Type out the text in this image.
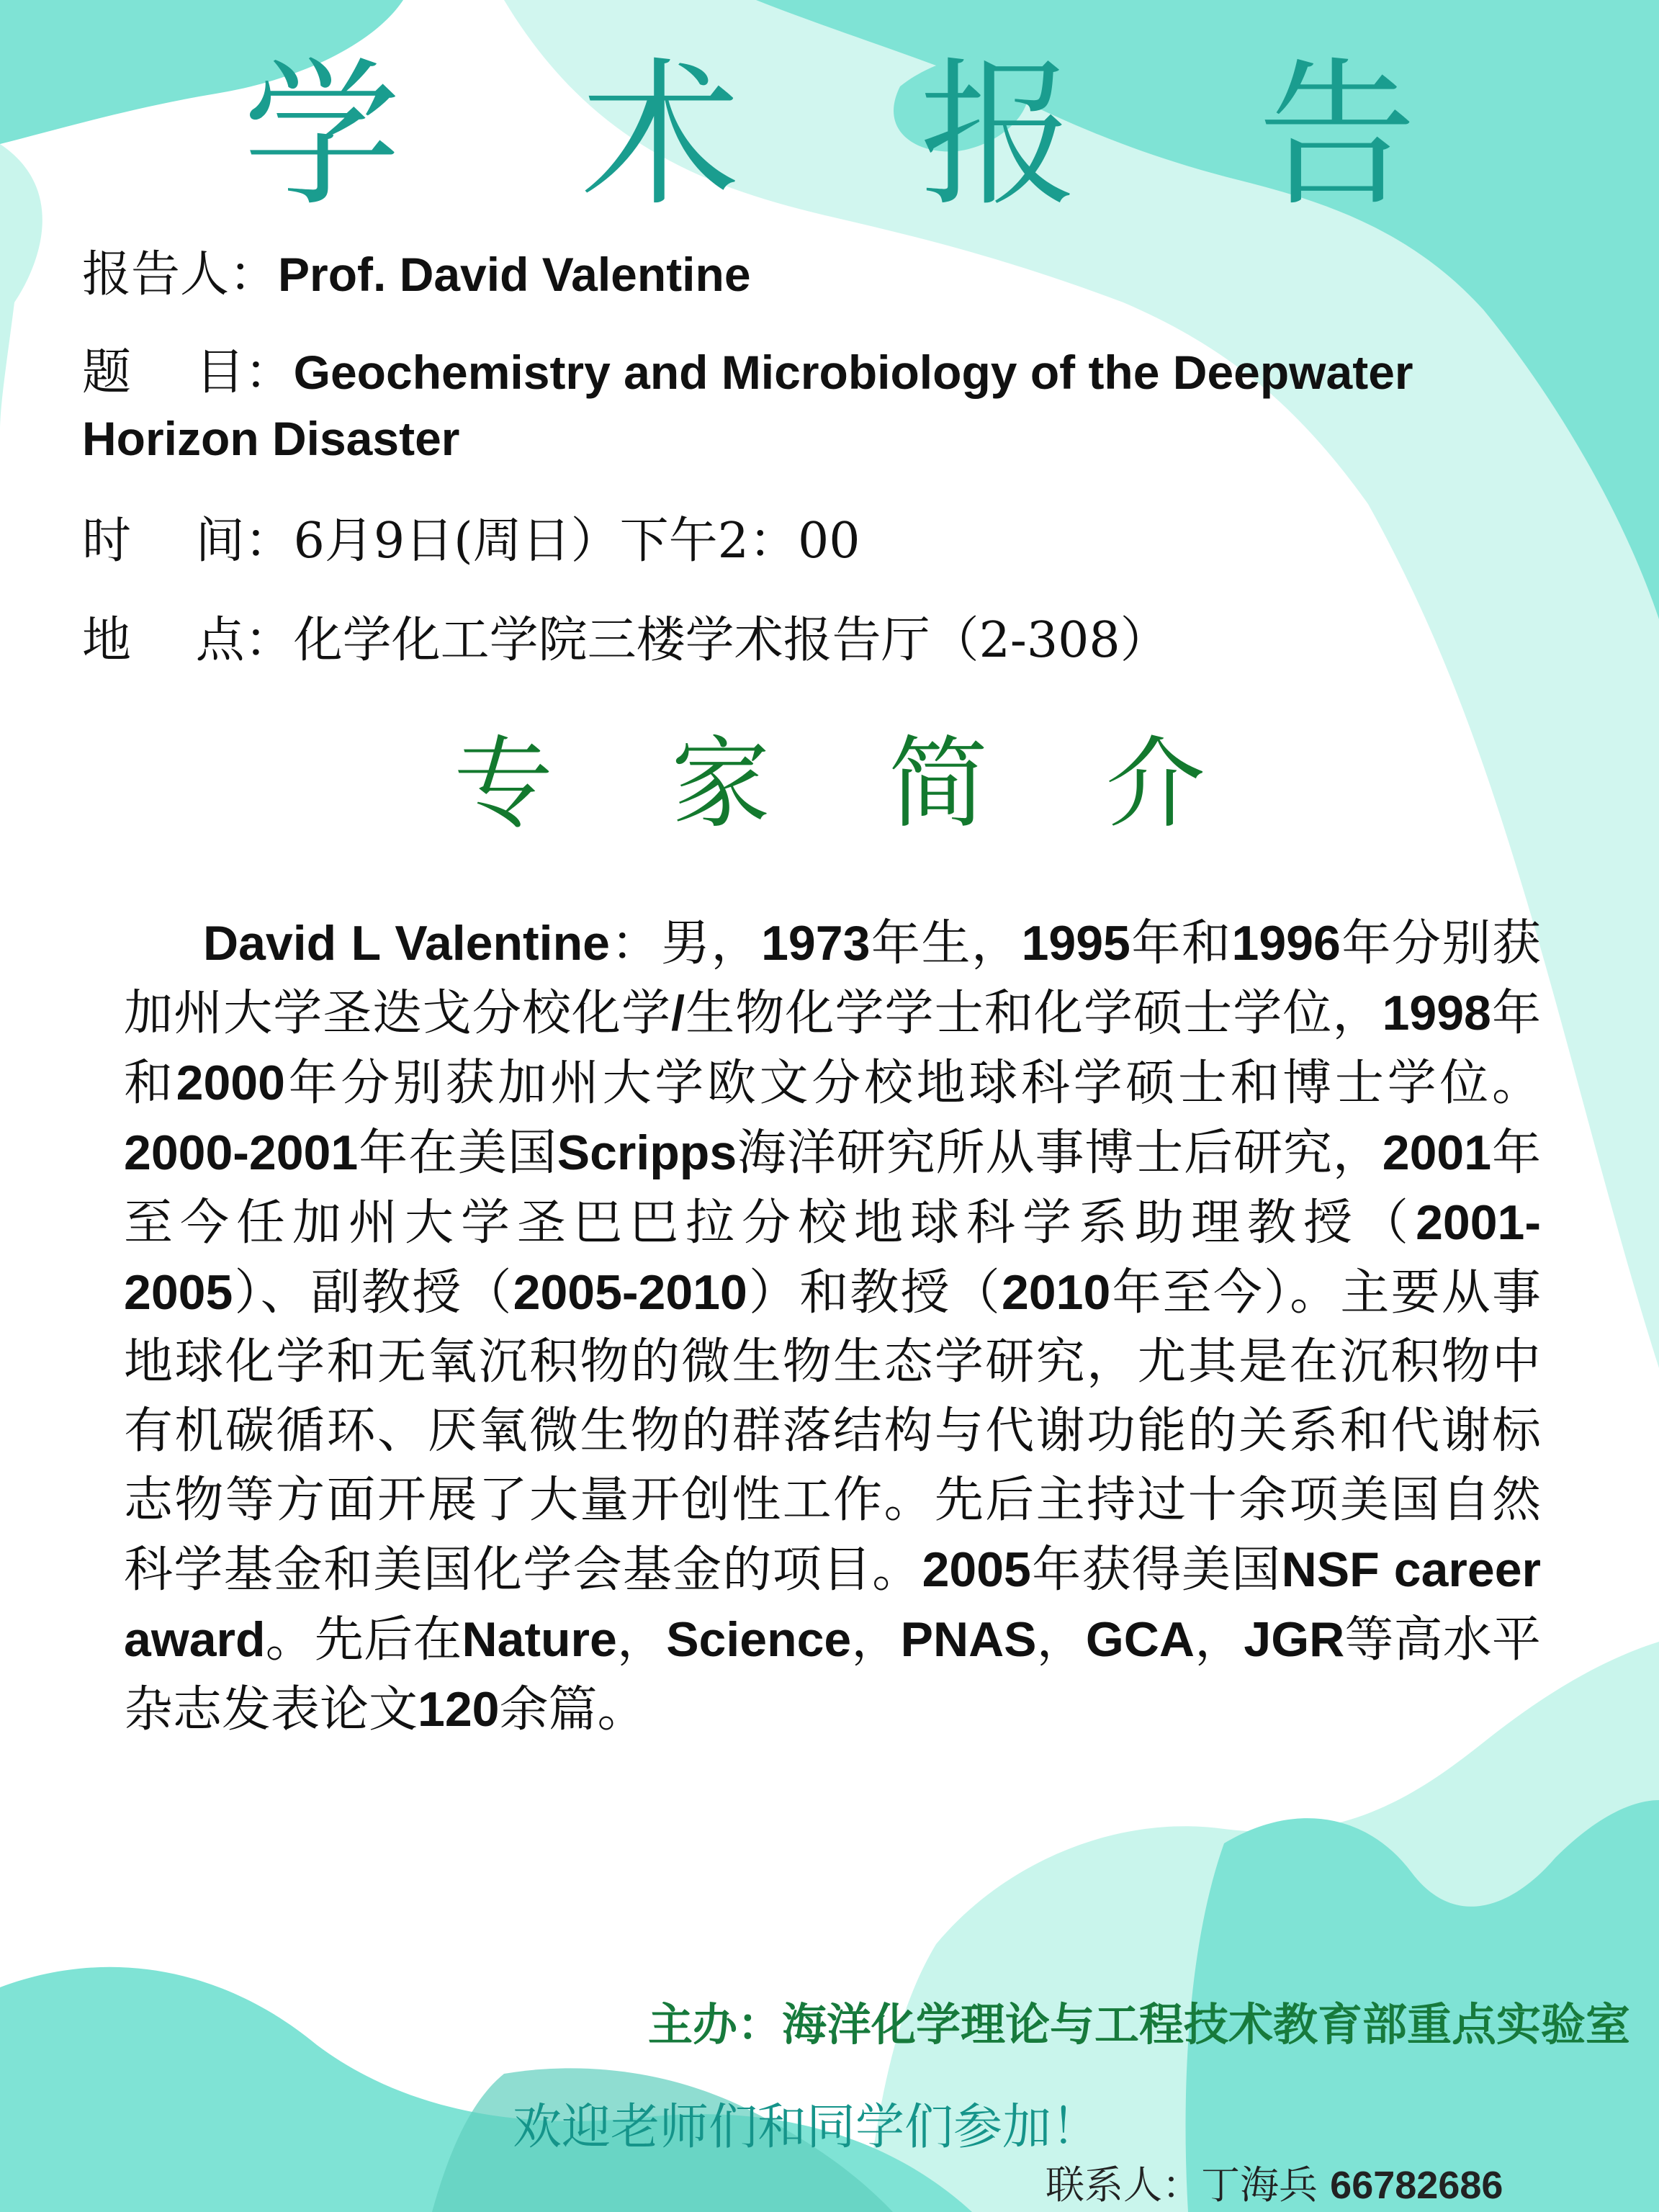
学 术 报 告
报告人：Prof. David Valentine
题　 目：Geochemistry and Microbiology of the Deepwater
Horizon Disaster
时　 间：6月9日(周日）下午2：00
地　 点：化学化工学院三楼学术报告厅（2-308）
专 家 简 介
David L Valentine：男，1973年生，1995年和1996年分别获加州大学圣迭戈分校化学/生物化学学士和化学硕士学位，1998年和2000年分别获加州大学欧文分校地球科学硕士和博士学位。2000-2001年在美国Scripps海洋研究所从事博士后研究，2001年至今任加州大学圣巴巴拉分校地球科学系助理教授（2001-2005）、副教授（2005-2010）和教授（2010年至今）。主要从事地球化学和无氧沉积物的微生物生态学研究，尤其是在沉积物中有机碳循环、厌氧微生物的群落结构与代谢功能的关系和代谢标志物等方面开展了大量开创性工作。先后主持过十余项美国自然科学基金和美国化学会基金的项目。2005年获得美国NSF career award。先后在Nature，Science，PNAS，GCA，JGR等高水平杂志发表论文120余篇。
主办：海洋化学理论与工程技术教育部重点实验室
欢迎老师们和同学们参加！
联系人：丁海兵 66782686
